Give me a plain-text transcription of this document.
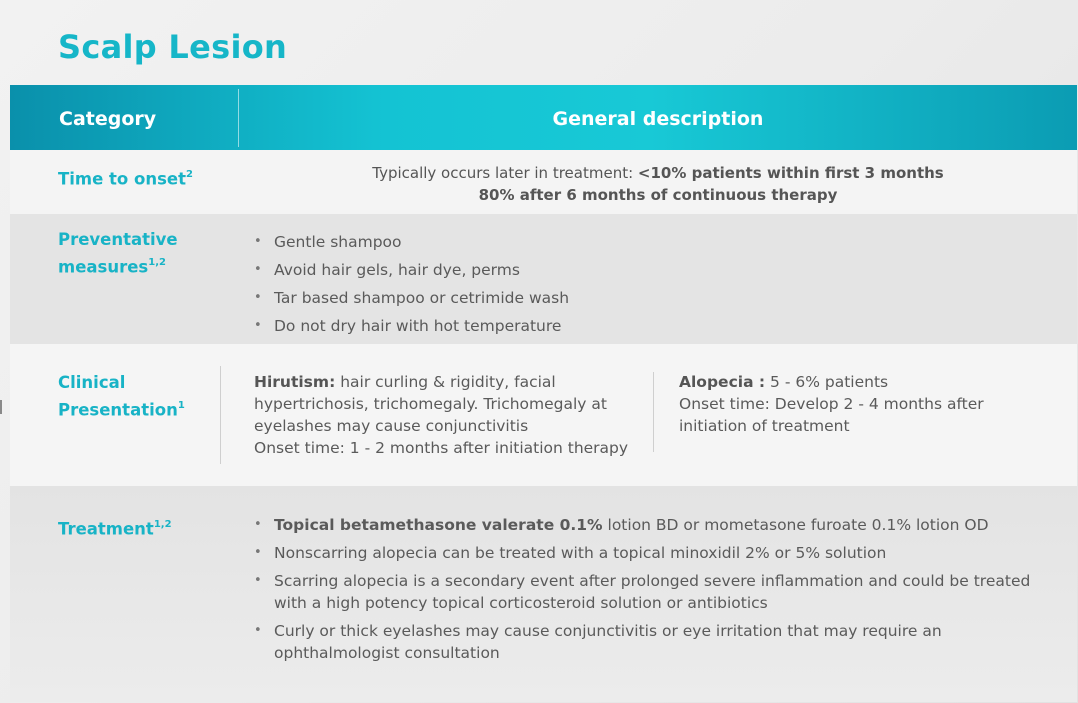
Scalp Lesion
Category	General description
Time to onset$^2$	Typically occurs later in treatment: <10% patients within first 3 months
80% after 6 months of continuous therapy
Preventative
measures$^{1,2}$
• Gentle shampoo
• Avoid hair gels, hair dye, perms
• Tar based shampoo or cetrimide wash
• Do not dry hair with hot temperature
Clinical
Presentation$^1$
Hirutism: hair curling & rigidity, facial hypertrichosis, trichomegaly. Trichomegaly at eyelashes may cause conjunctivitis
Onset time: 1 - 2 months after initiation therapy
Alopecia : 5 - 6% patients
Onset time: Develop 2 - 4 months after initiation of treatment
Treatment$^{1,2}$
•	Topical betamethasone valerate 0.1% lotion BD or mometasone furoate 0.1% lotion OD
• Nonscarring alopecia can be treated with a topical minoxidil 2% or 5% solution
• Scarring alopecia is a secondary event after prolonged severe inflammation and could be treated with a high potency topical corticosteroid solution or antibiotics
• Curly or thick eyelashes may cause conjunctivitis or eye irritation that may require an ophthalmologist consultation
